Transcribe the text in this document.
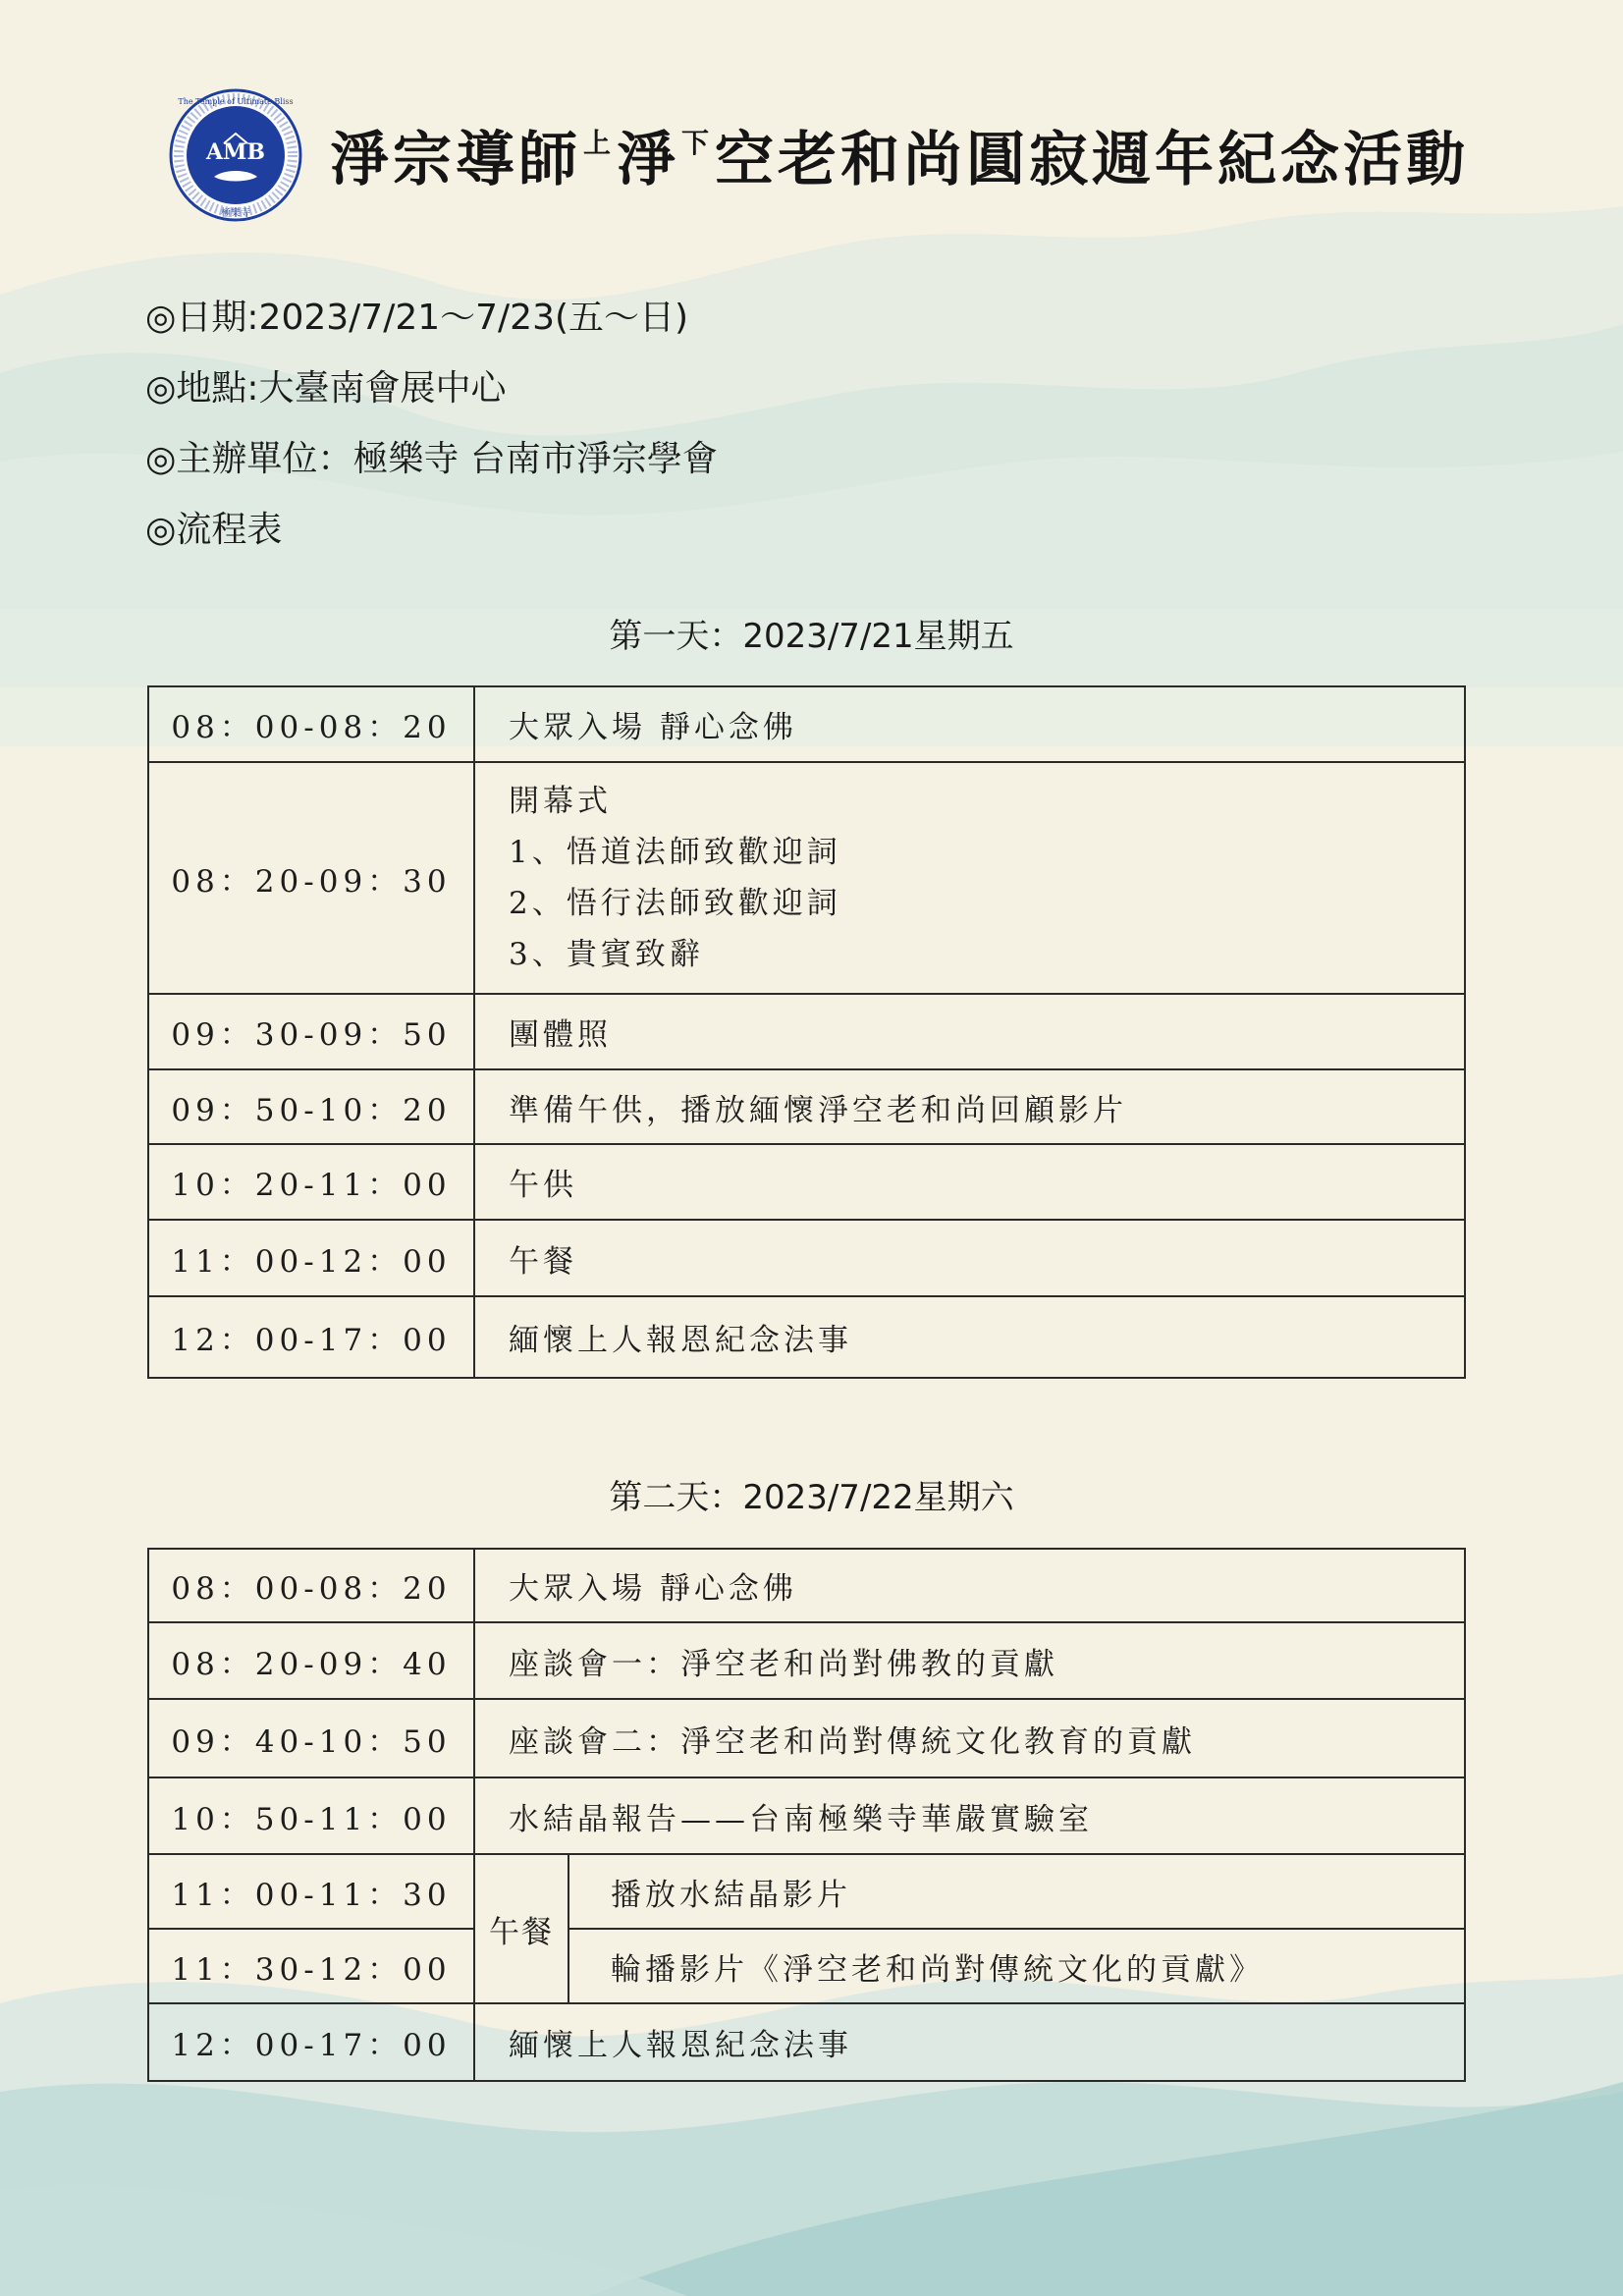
AMB
極樂寺
The Temple of Ultimate Bliss
淨宗導師$^上$淨$^下$空老和尚圓寂週年紀念活動
◎日期:2023/7/21～7/23(五～日)
◎地點:大臺南會展中心
◎主辦單位：極樂寺 台南市淨宗學會
◎流程表
第一天：2023/7/21星期五
08：00-08：20	大眾入場 靜心念佛

08：20-09：30	開幕式
1、悟道法師致歡迎詞
2、悟行法師致歡迎詞
3、貴賓致辭

09：30-09：50	團體照

09：50-10：20	準備午供，播放緬懷淨空老和尚回顧影片

10：20-11：00	午供

11：00-12：00	午餐

12：00-17：00	緬懷上人報恩紀念法事
第二天：2023/7/22星期六
08：00-08：20	大眾入場 靜心念佛	
08：20-09：40	座談會一：淨空老和尚對佛教的貢獻	
09：40-10：50	座談會二：淨空老和尚對傳統文化教育的貢獻	
10：50-11：00	水結晶報告——台南極樂寺華嚴實驗室	
11：00-11：30	午餐	播放水結晶影片
11：30-12：00		輪播影片《淨空老和尚對傳統文化的貢獻》
12：00-17：00	緬懷上人報恩紀念法事	
